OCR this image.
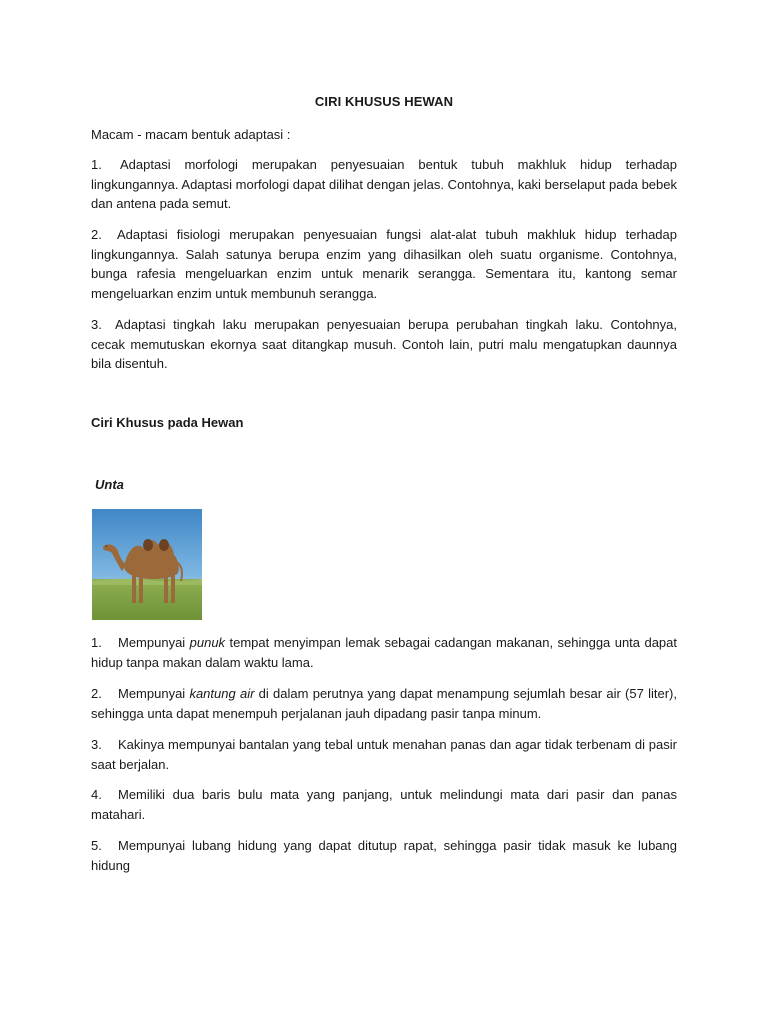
CIRI KHUSUS HEWAN

Macam - macam bentuk adaptasi :

1. Adaptasi morfologi merupakan penyesuaian bentuk tubuh makhluk hidup terhadap lingkungannya. Adaptasi morfologi dapat dilihat dengan jelas. Contohnya, kaki berselaput pada bebek dan antena pada semut.

2. Adaptasi fisiologi merupakan penyesuaian fungsi alat-alat tubuh makhluk hidup terhadap lingkungannya. Salah satunya berupa enzim yang dihasilkan oleh suatu organisme. Contohnya, bunga rafesia mengeluarkan enzim untuk menarik serangga. Sementara itu, kantong semar mengeluarkan enzim untuk membunuh serangga.

3. Adaptasi tingkah laku merupakan penyesuaian berupa perubahan tingkah laku. Contohnya, cecak memutuskan ekornya saat ditangkap musuh. Contoh lain, putri malu mengatupkan daunnya bila disentuh.

Ciri Khusus pada Hewan

Unta

1. Mempunyai punuk tempat menyimpan lemak sebagai cadangan makanan, sehingga unta dapat hidup tanpa makan dalam waktu lama.

2. Mempunyai kantung air di dalam perutnya yang dapat menampung sejumlah besar air (57 liter), sehingga unta dapat menempuh perjalanan jauh dipadang pasir tanpa minum.

3. Kakinya mempunyai bantalan yang tebal untuk menahan panas dan agar tidak terbenam di pasir saat berjalan.

4. Memiliki dua baris bulu mata yang panjang, untuk melindungi mata dari pasir dan panas matahari.

5. Mempunyai lubang hidung yang dapat ditutup rapat, sehingga pasir tidak masuk ke lubang hidung
